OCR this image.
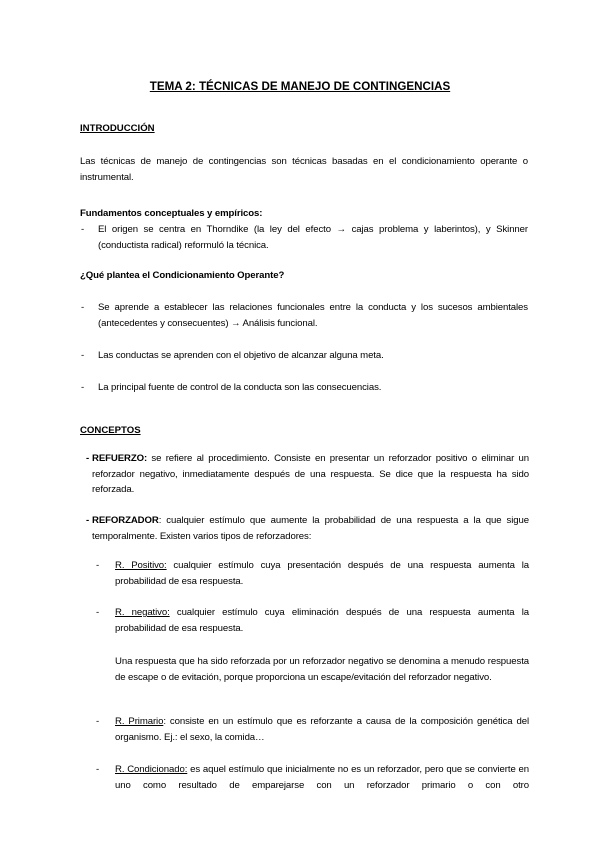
TEMA 2: TÉCNICAS DE MANEJO DE CONTINGENCIAS

INTRODUCCIÓN

Las técnicas de manejo de contingencias son técnicas basadas en el condicionamiento operante o instrumental.

Fundamentos conceptuales y empíricos:

- El origen se centra en Thorndike (la ley del efecto → cajas problema y laberintos), y Skinner (conductista radical) reformuló la técnica.

¿Qué plantea el Condicionamiento Operante?

- Se aprende a establecer las relaciones funcionales entre la conducta y los sucesos ambientales (antecedentes y consecuentes) → Análisis funcional.

- Las conductas se aprenden con el objetivo de alcanzar alguna meta.

- La principal fuente de control de la conducta son las consecuencias.

CONCEPTOS

- REFUERZO: se refiere al procedimiento. Consiste en presentar un reforzador positivo o eliminar un reforzador negativo, inmediatamente después de una respuesta. Se dice que la respuesta ha sido reforzada.

- REFORZADOR: cualquier estímulo que aumente la probabilidad de una respuesta a la que sigue temporalmente. Existen varios tipos de reforzadores:

- R. Positivo: cualquier estímulo cuya presentación después de una respuesta aumenta la probabilidad de esa respuesta.

- R. negativo: cualquier estímulo cuya eliminación después de una respuesta aumenta la probabilidad de esa respuesta.

Una respuesta que ha sido reforzada por un reforzador negativo se denomina a menudo respuesta de escape o de evitación, porque proporciona un escape/evitación del reforzador negativo.

- R. Primario: consiste en un estímulo que es reforzante a causa de la composición genética del organismo. Ej.: el sexo, la comida…

- R. Condicionado: es aquel estímulo que inicialmente no es un reforzador, pero que se convierte en uno como resultado de emparejarse con un reforzador primario o con otro
